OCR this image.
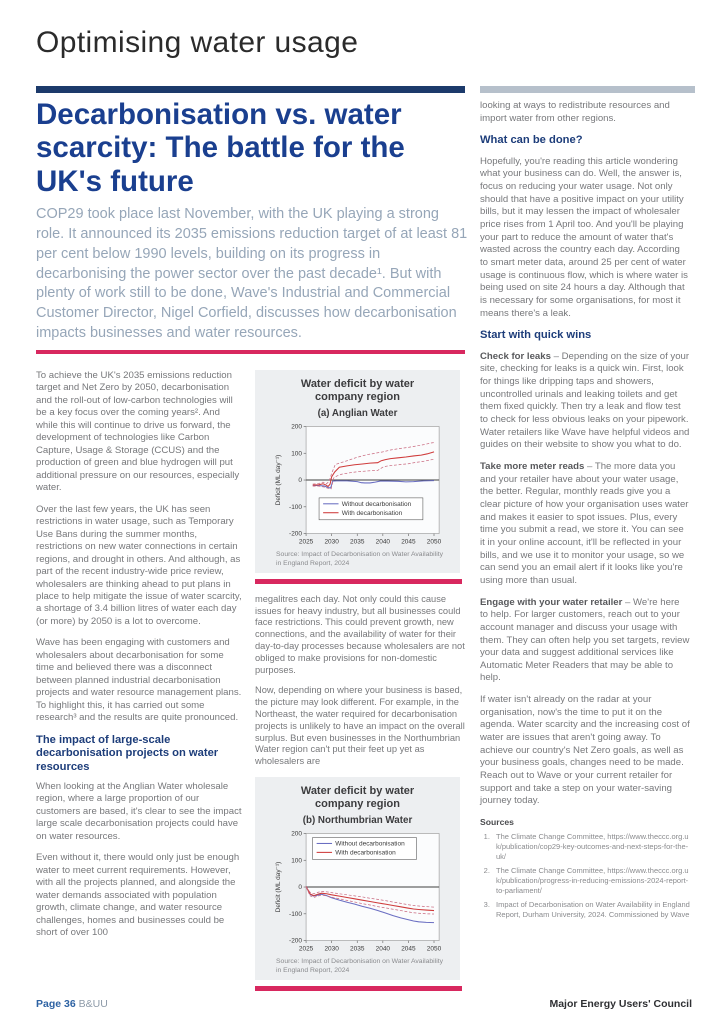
Optimising water usage
Decarbonisation vs. water scarcity: The battle for the UK's future

COP29 took place last November, with the UK playing a strong role. It announced its 2035 emissions reduction target of at least 81 per cent below 1990 levels, building on its progress in decarbonising the power sector over the past decade¹. But with plenty of work still to be done, Wave's Industrial and Commercial Customer Director, Nigel Corfield, discusses how decarbonisation impacts businesses and water resources.

To achieve the UK's 2035 emissions reduction target and Net Zero by 2050, decarbonisation and the roll-out of low-carbon technologies will be a key focus over the coming years². And while this will continue to drive us forward, the development of technologies like Carbon Capture, Usage & Storage (CCUS) and the production of green and blue hydrogen will put additional pressure on our resources, especially water.

Over the last few years, the UK has seen restrictions in water usage, such as Temporary Use Bans during the summer months, restrictions on new water connections in certain regions, and drought in others. And although, as part of the recent industry-wide price review, wholesalers are thinking ahead to put plans in place to help mitigate the issue of water scarcity, a shortage of 3.4 billion litres of water each day (or more) by 2050 is a lot to overcome.

Wave has been engaging with customers and wholesalers about decarbonisation for some time and believed there was a disconnect between planned industrial decarbonisation projects and water resource management plans. To highlight this, it has carried out some research³ and the results are quite pronounced.

The impact of large-scale decarbonisation projects on water resources

When looking at the Anglian Water wholesale region, where a large proportion of our customers are based, it's clear to see the impact large scale decarbonisation projects could have on water resources.

Even without it, there would only just be enough water to meet current requirements. However, with all the projects planned, and alongside the water demands associated with population growth, climate change, and water resource challenges, homes and businesses could be short of over 100

Water deficit by water company region
(a) Anglian Water
-200
-100
0
100
200
2025 2030 2035 2040 2045 2050
Without decarbonisation
With decarbonisation
Deficit (ML day⁻¹)
Source: Impact of Decarbonisation on Water Availability in England Report, 2024

megalitres each day. Not only could this cause issues for heavy industry, but all businesses could face restrictions. This could prevent growth, new connections, and the availability of water for their day-to-day processes because wholesalers are not obliged to make provisions for non-domestic purposes.

Now, depending on where your business is based, the picture may look different. For example, in the Northeast, the water required for decarbonisation projects is unlikely to have an impact on the overall surplus. But even businesses in the Northumbrian Water region can't put their feet up yet as wholesalers are

Water deficit by water company region
(b) Northumbrian Water
-200
-100
0
100
200
2025 2030 2035 2040 2045 2050
Without decarbonisation
With decarbonisation
Deficit (ML day⁻¹)
Source: Impact of Decarbonisation on Water Availability in England Report, 2024

looking at ways to redistribute resources and import water from other regions.

What can be done?

Hopefully, you're reading this article wondering what your business can do. Well, the answer is, focus on reducing your water usage. Not only should that have a positive impact on your utility bills, but it may lessen the impact of wholesaler price rises from 1 April too. And you'll be playing your part to reduce the amount of water that's wasted across the country each day. According to smart meter data, around 25 per cent of water usage is continuous flow, which is where water is being used on site 24 hours a day. Although that is necessary for some organisations, for most it means there's a leak.

Start with quick wins

Check for leaks – Depending on the size of your site, checking for leaks is a quick win. First, look for things like dripping taps and showers, uncontrolled urinals and leaking toilets and get them fixed quickly. Then try a leak and flow test to check for less obvious leaks on your pipework. Water retailers like Wave have helpful videos and guides on their website to show you what to do.

Take more meter reads – The more data you and your retailer have about your water usage, the better. Regular, monthly reads give you a clear picture of how your organisation uses water and makes it easier to spot issues. Plus, every time you submit a read, we store it. You can see it in your online account, it'll be reflected in your bills, and we use it to monitor your usage, so we can send you an email alert if it looks like you're using more than usual.

Engage with your water retailer – We're here to help. For larger customers, reach out to your account manager and discuss your usage with them. They can often help you set targets, review your data and suggest additional services like Automatic Meter Readers that may be able to help.

If water isn't already on the radar at your organisation, now's the time to put it on the agenda. Water scarcity and the increasing cost of water are issues that aren't going away. To achieve our country's Net Zero goals, as well as your business goals, changes need to be made. Reach out to Wave or your current retailer for support and take a step on your water-saving journey today.

Sources
1. The Climate Change Committee, https://www.theccc.org.uk/publication/cop29-key-outcomes-and-next-steps-for-the-uk/
2. The Climate Change Committee, https://www.theccc.org.uk/publication/progress-in-reducing-emissions-2024-report-to-parliament/
3. Impact of Decarbonisation on Water Availability in England Report, Durham University, 2024. Commissioned by Wave
Page 36 B&UU	Major Energy Users' Council
